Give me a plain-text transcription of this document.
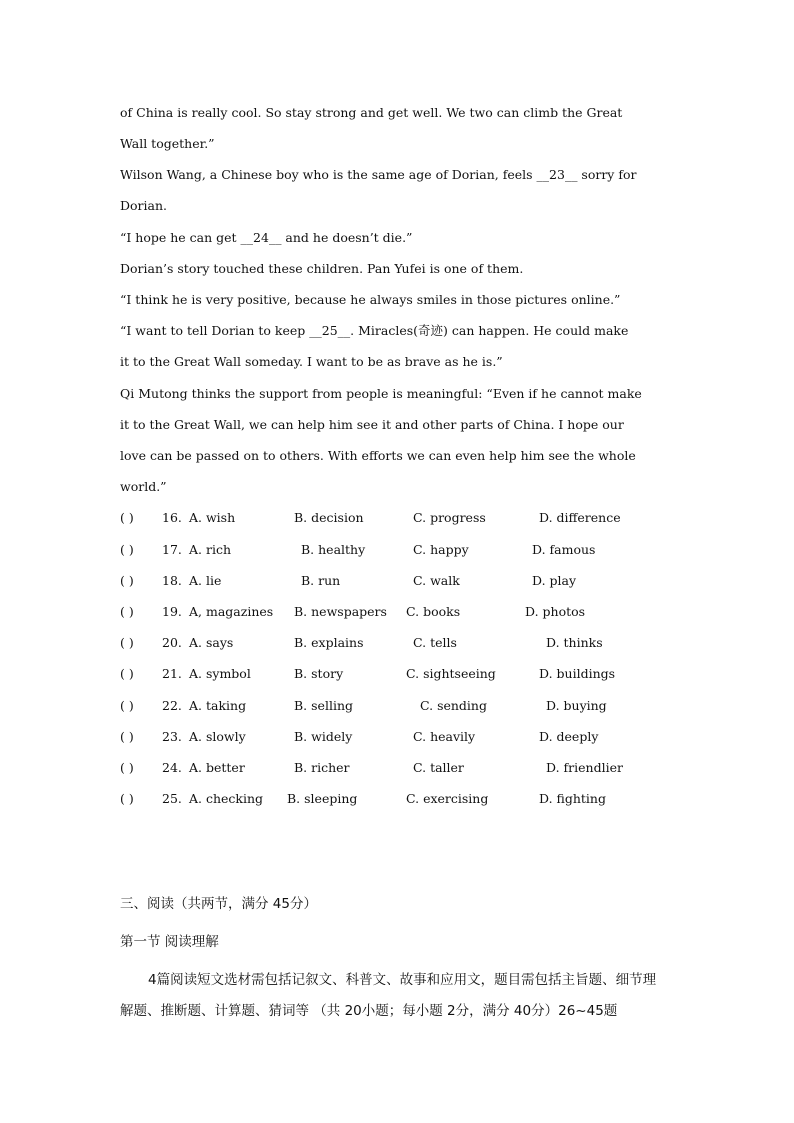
of China is really cool. So stay strong and get well. We two can climb the Great
Wall together.”
Wilson Wang, a Chinese boy who is the same age of Dorian, feels __23__ sorry for
Dorian.
“I hope he can get __24__ and he doesn’t die.”
Dorian’s story touched these children. Pan Yufei is one of them.
“I think he is very positive, because he always smiles in those pictures online.”
“I want to tell Dorian to keep __25__. Miracles(奇迹) can happen. He could make
it to the Great Wall someday. I want to be as brave as he is.”
Qi Mutong thinks the support from people is meaningful: “Even if he cannot make
it to the Great Wall, we can help him see it and other parts of China. I hope our
love can be passed on to others. With efforts we can even help him see the whole
world.”
( ) 16. A. wish	B. decision	C. progress	D. difference
( ) 17. A. rich	B. healthy	C. happy	D. famous
( ) 18. A. lie	B. run	C. walk	D. play
( ) 19. A, magazines B. newspapers C. books	D. photos
( ) 20. A. says	B. explains	C. tells	D. thinks
( ) 21. A. symbol	B. story	C. sightseeing	D. buildings
( ) 22. A. taking	B. selling	C. sending	D. buying
( ) 23. A. slowly	B. widely	C. heavily	D. deeply
( ) 24. A. better	B. richer	C. taller	D. friendlier
( ) 25. A. checking B. sleeping	C. exercising	D. fighting
三、阅读（共两节，满分 45分）
第一节 阅读理解
4篇阅读短文选材需包括记叙文、科普文、故事和应用文，题目需包括主旨题、细节理
解题、推断题、计算题、猜词等 （共 20小题；每小题 2分，满分 40分）26~45题
